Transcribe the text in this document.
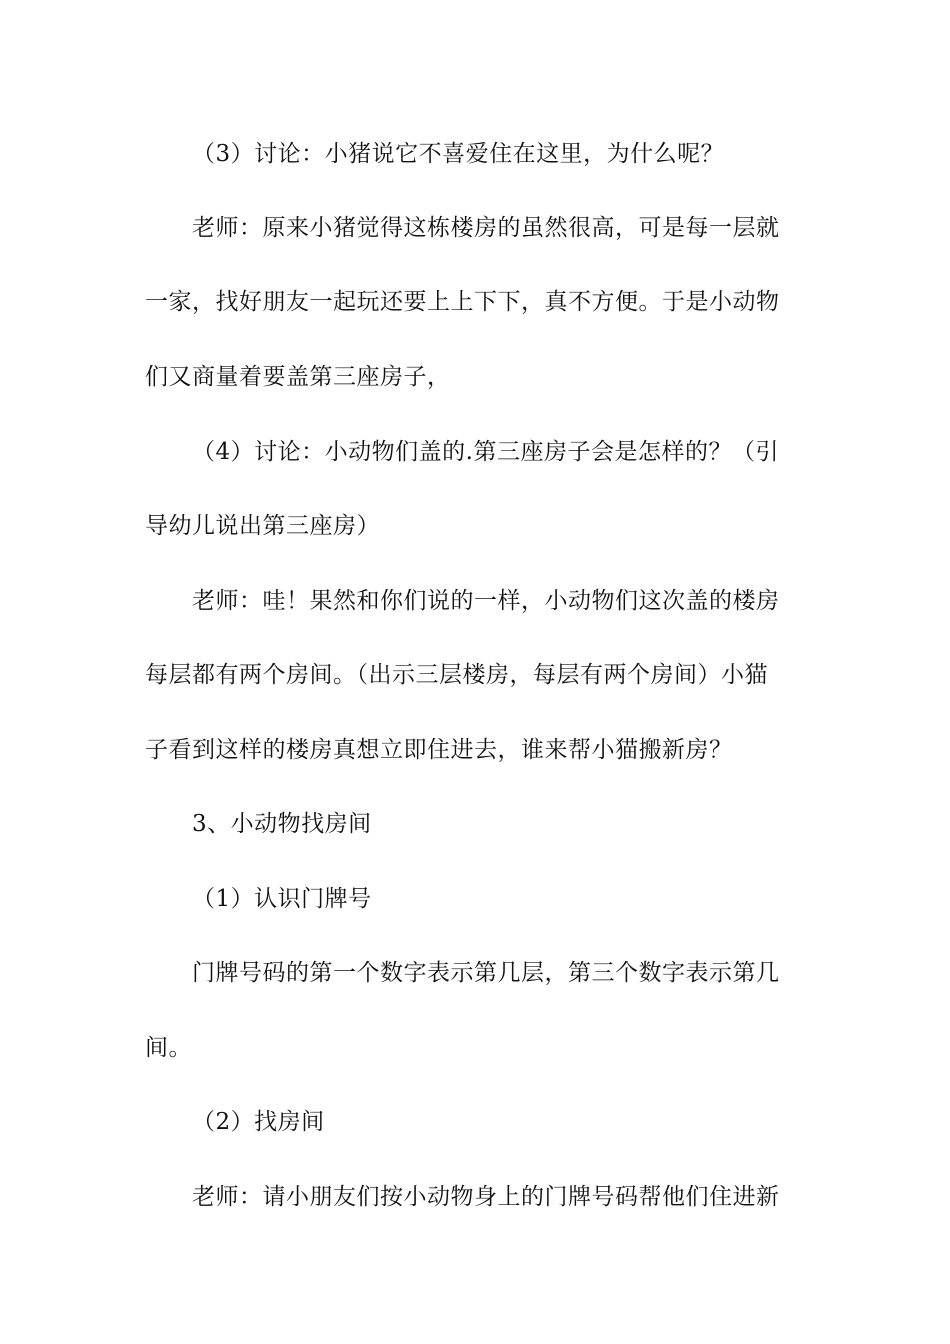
（3）讨论：小猪说它不喜爱住在这里，为什么呢？
老师：原来小猪觉得这栋楼房的虽然很高，可是每一层就
一家，找好朋友一起玩还要上上下下，真不方便。于是小动物
们又商量着要盖第三座房子，
（4）讨论：小动物们盖的.第三座房子会是怎样的？（引
导幼儿说出第三座房）
老师：哇！果然和你们说的一样，小动物们这次盖的楼房
每层都有两个房间。（出示三层楼房，每层有两个房间）小猫
子看到这样的楼房真想立即住进去，谁来帮小猫搬新房？
3、小动物找房间
（1）认识门牌号
门牌号码的第一个数字表示第几层，第三个数字表示第几
间。
（2）找房间
老师：请小朋友们按小动物身上的门牌号码帮他们住进新
